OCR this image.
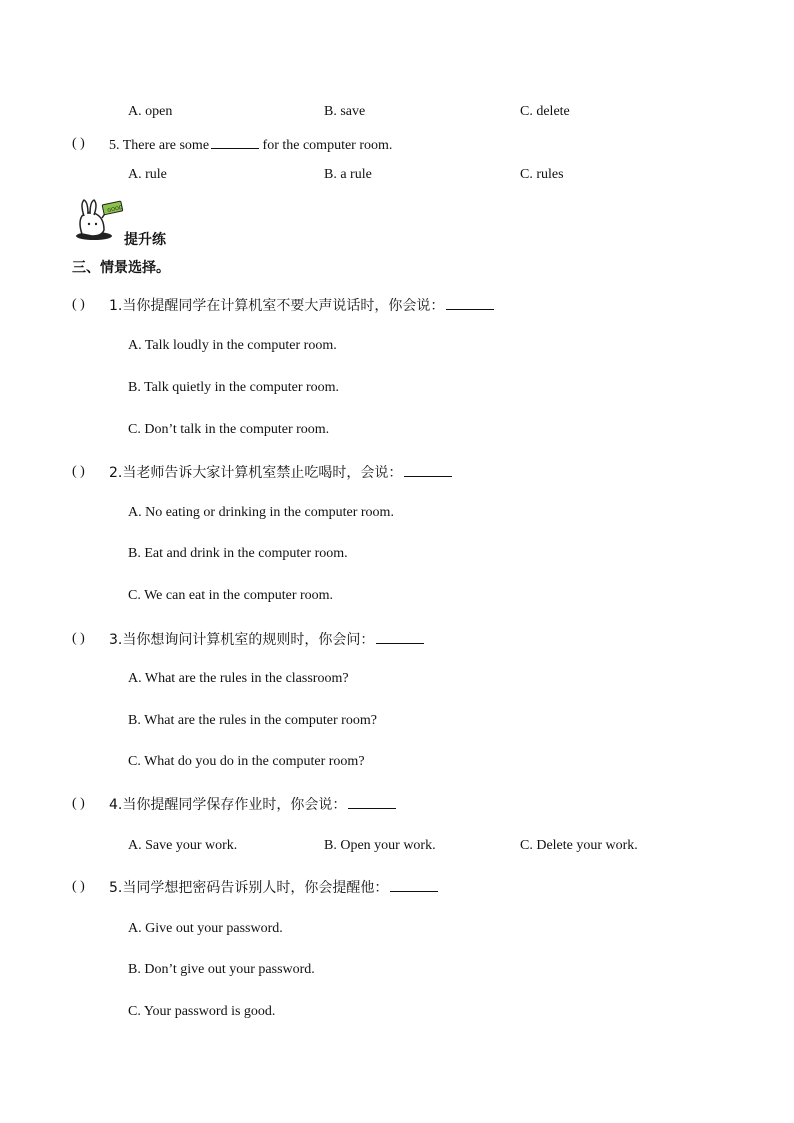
A. open	B. save	C. delete
( ) 5. There are some	for the computer room.
A. rule	B. a rule	C. rules
GOOD
提升练
三、情景选择。
( ) 1.当你提醒同学在计算机室不要大声说话时，你会说：
A. Talk loudly in the computer room.
B. Talk quietly in the computer room.
C. Don’t talk in the computer room.
( ) 2.当老师告诉大家计算机室禁止吃喝时，会说：
A. No eating or drinking in the computer room.
B. Eat and drink in the computer room.
C. We can eat in the computer room.
( ) 3.当你想询问计算机室的规则时，你会问：
A. What are the rules in the classroom?
B. What are the rules in the computer room?
C. What do you do in the computer room?
( ) 4.当你提醒同学保存作业时，你会说：
A. Save your work.	B. Open your work.	C. Delete your work.
( ) 5.当同学想把密码告诉别人时，你会提醒他：
A. Give out your password.
B. Don’t give out your password.
C. Your password is good.
